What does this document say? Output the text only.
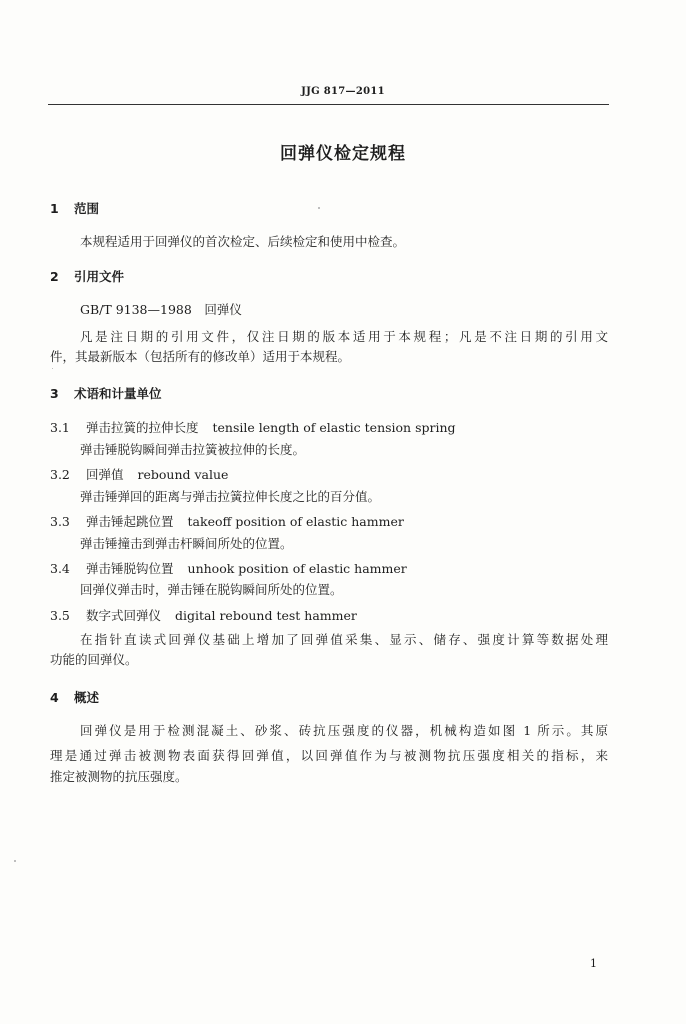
JJG 817—2011
回弹仪检定规程
1 范围
本规程适用于回弹仪的首次检定、后续检定和使用中检查。
2 引用文件
GB/T 9138—1988　回弹仪
凡是注日期的引用文件，仅注日期的版本适用于本规程；凡是不注日期的引用文
件，其最新版本（包括所有的修改单）适用于本规程。
3 术语和计量单位
3.1 弹击拉簧的拉伸长度 tensile length of elastic tension spring
弹击锤脱钩瞬间弹击拉簧被拉伸的长度。
3.2 回弹值 rebound value
弹击锤弹回的距离与弹击拉簧拉伸长度之比的百分值。
3.3 弹击锤起跳位置 takeoff position of elastic hammer
弹击锤撞击到弹击杆瞬间所处的位置。
3.4 弹击锤脱钩位置 unhook position of elastic hammer
回弹仪弹击时，弹击锤在脱钩瞬间所处的位置。
3.5 数字式回弹仪 digital rebound test hammer
在指针直读式回弹仪基础上增加了回弹值采集、显示、储存、强度计算等数据处理
功能的回弹仪。
4 概述
回弹仪是用于检测混凝土、砂浆、砖抗压强度的仪器，机械构造如图 1 所示。其原
理是通过弹击被测物表面获得回弹值，以回弹值作为与被测物抗压强度相关的指标，来
推定被测物的抗压强度。
1
